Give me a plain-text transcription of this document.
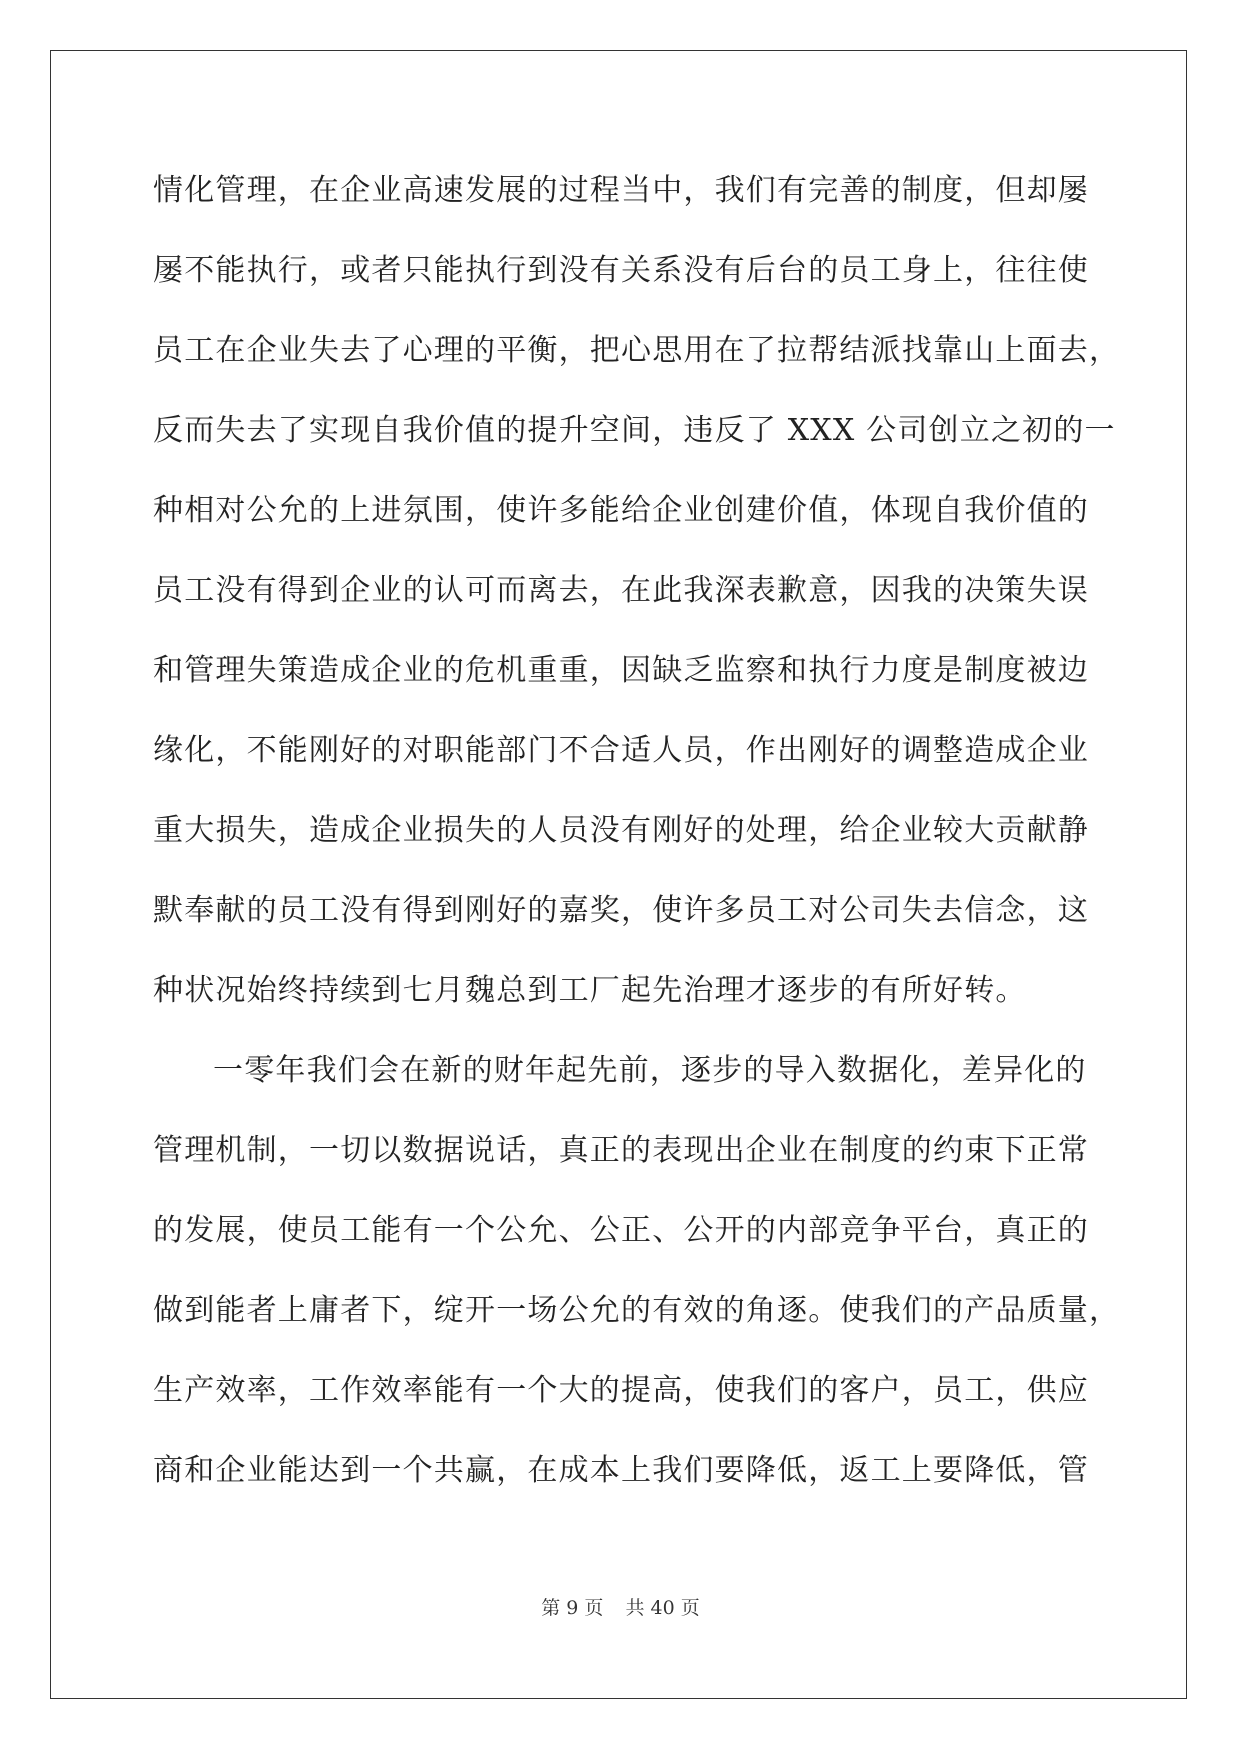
情化管理，在企业高速发展的过程当中，我们有完善的制度，但却屡
屡不能执行，或者只能执行到没有关系没有后台的员工身上，往往使
员工在企业失去了心理的平衡，把心思用在了拉帮结派找靠山上面去，
反而失去了实现自我价值的提升空间，违反了 XXX 公司创立之初的一
种相对公允的上进氛围，使许多能给企业创建价值，体现自我价值的
员工没有得到企业的认可而离去，在此我深表歉意，因我的决策失误
和管理失策造成企业的危机重重，因缺乏监察和执行力度是制度被边
缘化，不能刚好的对职能部门不合适人员，作出刚好的调整造成企业
重大损失，造成企业损失的人员没有刚好的处理，给企业较大贡献静
默奉献的员工没有得到刚好的嘉奖，使许多员工对公司失去信念，这
种状况始终持续到七月魏总到工厂起先治理才逐步的有所好转。
一零年我们会在新的财年起先前，逐步的导入数据化，差异化的
管理机制，一切以数据说话，真正的表现出企业在制度的约束下正常
的发展，使员工能有一个公允、公正、公开的内部竞争平台，真正的
做到能者上庸者下，绽开一场公允的有效的角逐。使我们的产品质量，
生产效率，工作效率能有一个大的提高，使我们的客户，员工，供应
商和企业能达到一个共赢，在成本上我们要降低，返工上要降低，管
第 9 页 共 40 页
